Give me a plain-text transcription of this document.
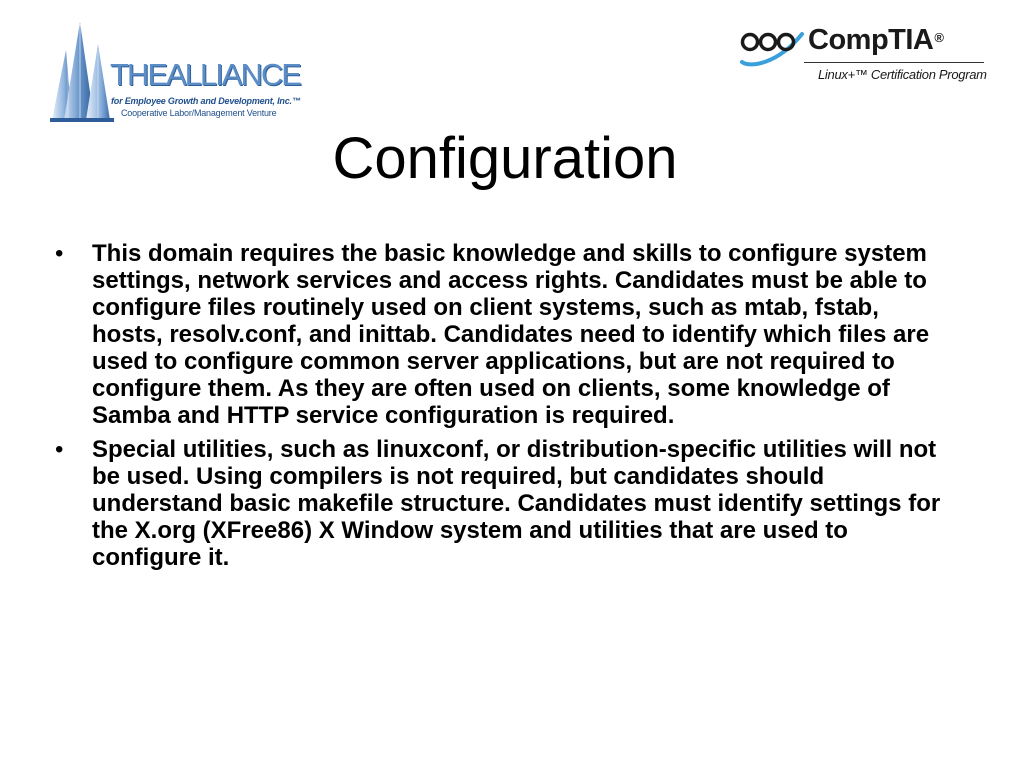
THEALLIANCE
for Employee Growth and Development, Inc.™
Cooperative Labor/Management Venture
CompTIA®
Linux+™ Certification Program
Configuration
• This domain requires the basic knowledge and skills to configure system settings, network services and access rights. Candidates must be able to configure files routinely used on client systems, such as mtab, fstab, hosts, resolv.conf, and inittab. Candidates need to identify which files are used to configure common server applications, but are not required to configure them. As they are often used on clients, some knowledge of Samba and HTTP service configuration is required.
• Special utilities, such as linuxconf, or distribution-specific utilities will not be used. Using compilers is not required, but candidates should understand basic makefile structure. Candidates must identify settings for the X.org (XFree86) X Window system and utilities that are used to configure it.
